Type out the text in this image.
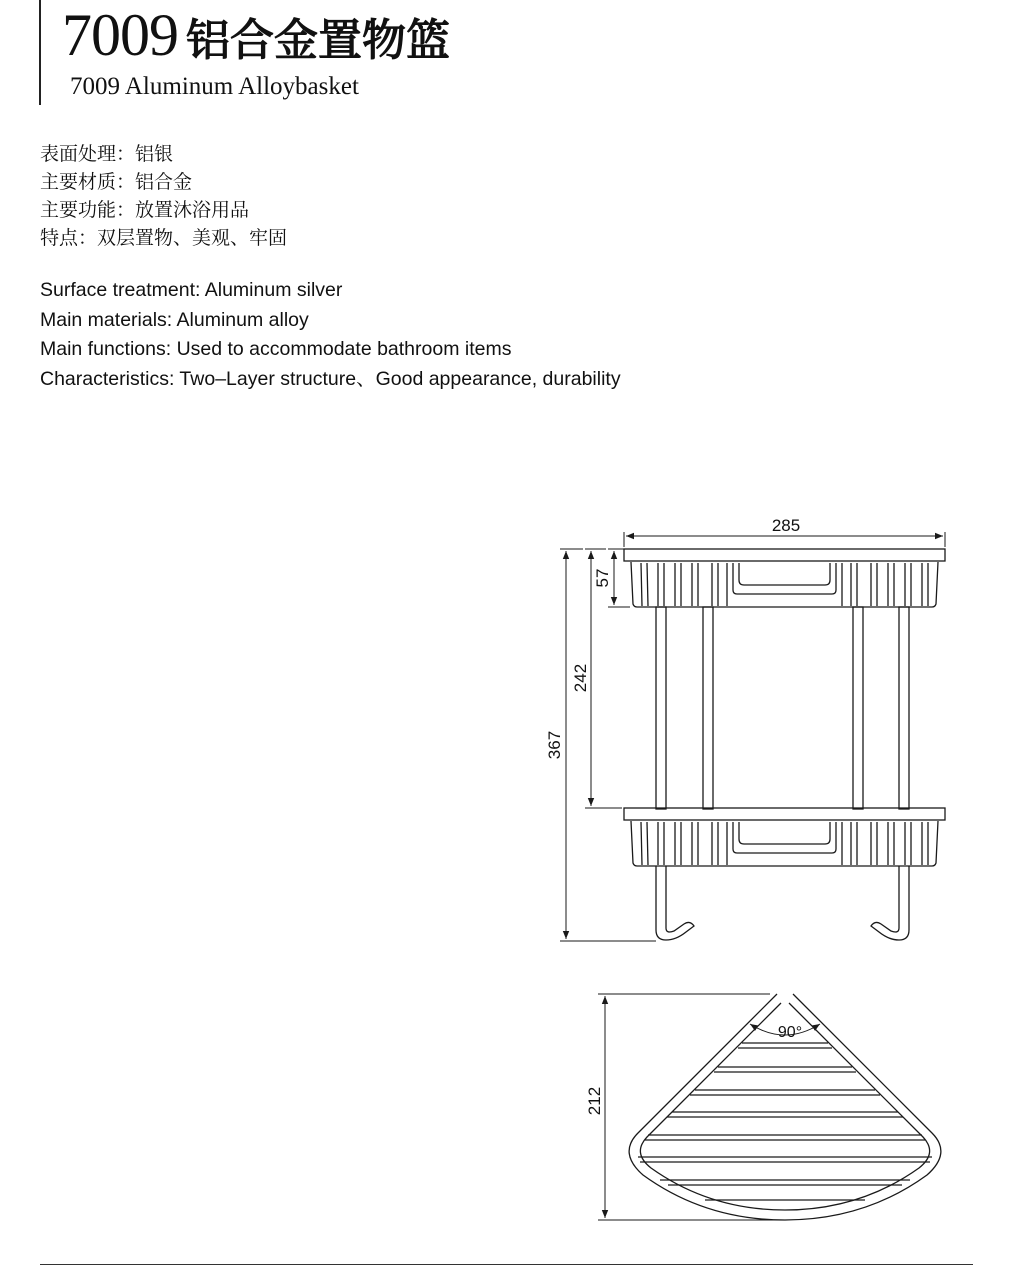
7009 铝合金置物篮
7009 Aluminum Alloybasket
表面处理：铝银
主要材质：铝合金
主要功能：放置沐浴用品
特点：双层置物、美观、牢固
Surface treatment: Aluminum silver
Main materials: Aluminum alloy
Main functions: Used to accommodate bathroom items
Characteristics: Two–Layer structure、Good appearance, durability
285
57
242
367
212
90°
